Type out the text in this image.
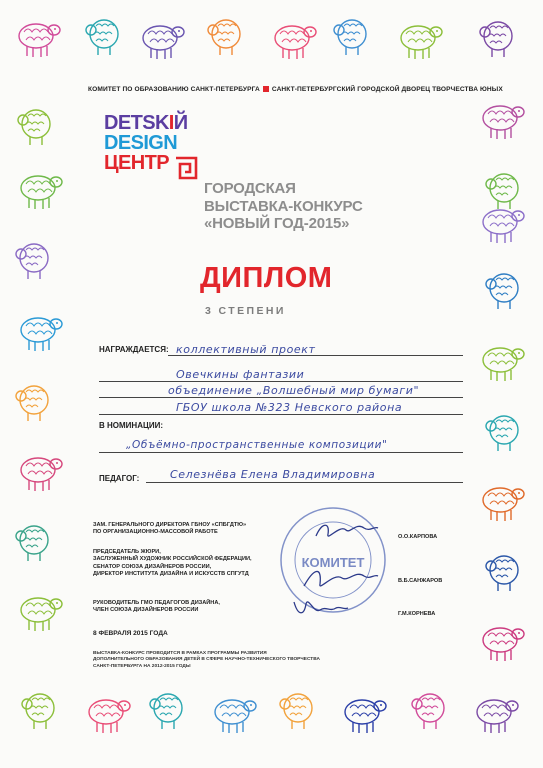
КОМИТЕТ ПО ОБРАЗОВАНИЮ САНКТ-ПЕТЕРБУРГА САНКТ-ПЕТЕРБУРГСКИЙ ГОРОДСКОЙ ДВОРЕЦ ТВОРЧЕСТВА ЮНЫХ
DETSKIЙ
DESIGN
ЦЕНТР
ГОРОДСКАЯ
ВЫСТАВКА-КОНКУРС
«НОВЫЙ ГОД-2015»
ДИПЛОМ
3 СТЕПЕНИ
НАГРАЖДАЕТСЯ: коллективный проект
Овечкины фантазии
объединение „Волшебный мир бумаги"
ГБОУ школа №323 Невского района
В НОМИНАЦИИ:
„Объёмно-пространственные композиции"
ПЕДАГОГ:	Селезнёва Елена Владимировна
ЗАМ. ГЕНЕРАЛЬНОГО ДИРЕКТОРА ГБНОУ «СПБГДТЮ»
ПО ОРГАНИЗАЦИОННО-МАССОВОЙ РАБОТЕ
О.О.КАРПОВА
ПРЕДСЕДАТЕЛЬ ЖЮРИ,
ЗАСЛУЖЕННЫЙ ХУДОЖНИК РОССИЙСКОЙ ФЕДЕРАЦИИ,
СЕНАТОР СОЮЗА ДИЗАЙНЕРОВ РОССИИ,
ДИРЕКТОР ИНСТИТУТА ДИЗАЙНА И ИСКУССТВ СПГУТД
В.Б.САНЖАРОВ
РУКОВОДИТЕЛЬ ГМО ПЕДАГОГОВ ДИЗАЙНА,
ЧЛЕН СОЮЗА ДИЗАЙНЕРОВ РОССИИ
Г.М.КОРНЕВА
КОМИТЕТ
8 ФЕВРАЛЯ 2015 ГОДА
ВЫСТАВКА-КОНКУРС ПРОВОДИТСЯ В РАМКАХ ПРОГРАММЫ РАЗВИТИЯ
ДОПОЛНИТЕЛЬНОГО ОБРАЗОВАНИЯ ДЕТЕЙ В СФЕРЕ НАУЧНО-ТЕХНИЧЕСКОГО ТВОРЧЕСТВА
САНКТ-ПЕТЕРБУРГА НА 2012-2015 ГОДЫ
